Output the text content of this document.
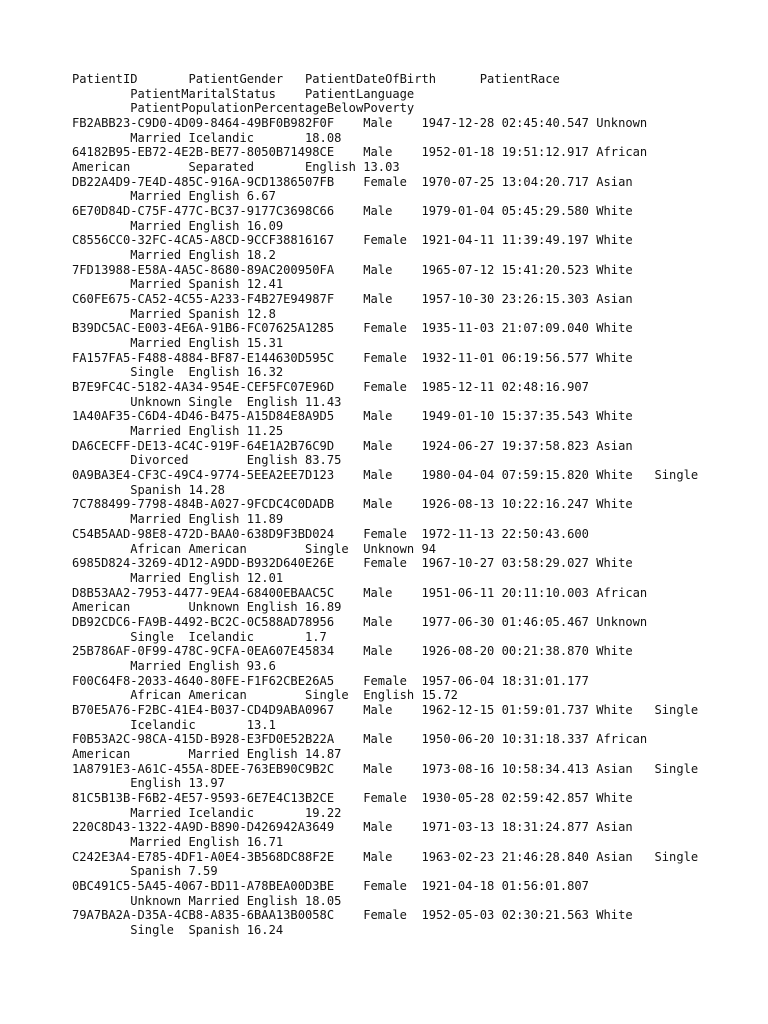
PatientID	PatientGender	PatientDateOfBirth	PatientRace
	PatientMaritalStatus	PatientLanguage
	PatientPopulationPercentageBelowPoverty
FB2ABB23-C9D0-4D09-8464-49BF0B982F0F	Male	1947-12-28 02:45:40.547	Unknown
	Married	Icelandic	18.08
64182B95-EB72-4E2B-BE77-8050B71498CE	Male	1952-01-18 19:51:12.917	African
American	Separated	English	13.03
DB22A4D9-7E4D-485C-916A-9CD1386507FB	Female	1970-07-25 13:04:20.717	Asian
	Married	English	6.67
6E70D84D-C75F-477C-BC37-9177C3698C66	Male	1979-01-04 05:45:29.580	White
	Married	English	16.09
C8556CC0-32FC-4CA5-A8CD-9CCF38816167	Female	1921-04-11 11:39:49.197	White
	Married	English	18.2
7FD13988-E58A-4A5C-8680-89AC200950FA	Male	1965-07-12 15:41:20.523	White
	Married	Spanish	12.41
C60FE675-CA52-4C55-A233-F4B27E94987F	Male	1957-10-30 23:26:15.303	Asian
	Married	Spanish	12.8
B39DC5AC-E003-4E6A-91B6-FC07625A1285	Female	1935-11-03 21:07:09.040	White
	Married	English	15.31
FA157FA5-F488-4884-BF87-E144630D595C	Female	1932-11-01 06:19:56.577	White
	Single	English	16.32
B7E9FC4C-5182-4A34-954E-CEF5FC07E96D	Female	1985-12-11 02:48:16.907
	Unknown	Single	English	11.43
1A40AF35-C6D4-4D46-B475-A15D84E8A9D5	Male	1949-01-10 15:37:35.543	White
	Married	English	11.25
DA6CECFF-DE13-4C4C-919F-64E1A2B76C9D	Male	1924-06-27 19:37:58.823	Asian
	Divorced	English	83.75
0A9BA3E4-CF3C-49C4-9774-5EEA2EE7D123	Male	1980-04-04 07:59:15.820	White	Single
	Spanish	14.28
7C788499-7798-484B-A027-9FCDC4C0DADB	Male	1926-08-13 10:22:16.247	White
	Married	English	11.89
C54B5AAD-98E8-472D-BAA0-638D9F3BD024	Female	1972-11-13 22:50:43.600
	African American	Single	Unknown	94
6985D824-3269-4D12-A9DD-B932D640E26E	Female	1967-10-27 03:58:29.027	White
	Married	English	12.01
D8B53AA2-7953-4477-9EA4-68400EBAAC5C	Male	1951-06-11 20:11:10.003	African
American	Unknown	English	16.89
DB92CDC6-FA9B-4492-BC2C-0C588AD78956	Male	1977-06-30 01:46:05.467	Unknown
	Single	Icelandic	1.7
25B786AF-0F99-478C-9CFA-0EA607E45834	Male	1926-08-20 00:21:38.870	White
	Married	English	93.6
F00C64F8-2033-4640-80FE-F1F62CBE26A5	Female	1957-06-04 18:31:01.177
	African American	Single	English	15.72
B70E5A76-F2BC-41E4-B037-CD4D9ABA0967	Male	1962-12-15 01:59:01.737	White	Single
	Icelandic	13.1
F0B53A2C-98CA-415D-B928-E3FD0E52B22A	Male	1950-06-20 10:31:18.337	African
American	Married	English	14.87
1A8791E3-A61C-455A-8DEE-763EB90C9B2C	Male	1973-08-16 10:58:34.413	Asian	Single
	English	13.97
81C5B13B-F6B2-4E57-9593-6E7E4C13B2CE	Female	1930-05-28 02:59:42.857	White
	Married	Icelandic	19.22
220C8D43-1322-4A9D-B890-D426942A3649	Male	1971-03-13 18:31:24.877	Asian
	Married	English	16.71
C242E3A4-E785-4DF1-A0E4-3B568DC88F2E	Male	1963-02-23 21:46:28.840	Asian	Single
	Spanish	7.59
0BC491C5-5A45-4067-BD11-A78BEA00D3BE	Female	1921-04-18 01:56:01.807
	Unknown	Married	English	18.05
79A7BA2A-D35A-4CB8-A835-6BAA13B0058C	Female	1952-05-03 02:30:21.563	White
	Single	Spanish	16.24
